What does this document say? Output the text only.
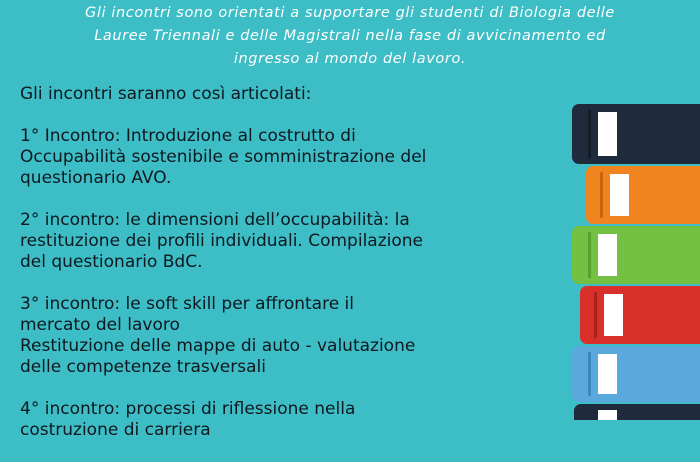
Gli incontri sono orientati a supportare gli studenti di Biologia delle
Lauree Triennali e delle Magistrali nella fase di avvicinamento ed
ingresso al mondo del lavoro.
Gli incontri saranno così articolati:
1° Incontro: Introduzione al costrutto di
Occupabilità sostenibile e somministrazione del
questionario AVO.
2° incontro: le dimensioni dell’occupabilità: la
restituzione dei profili individuali. Compilazione
del questionario BdC.
3° incontro: le soft skill per affrontare il
mercato del lavoro
Restituzione delle mappe di auto - valutazione
delle competenze trasversali
4° incontro: processi di riflessione nella
costruzione di carriera
